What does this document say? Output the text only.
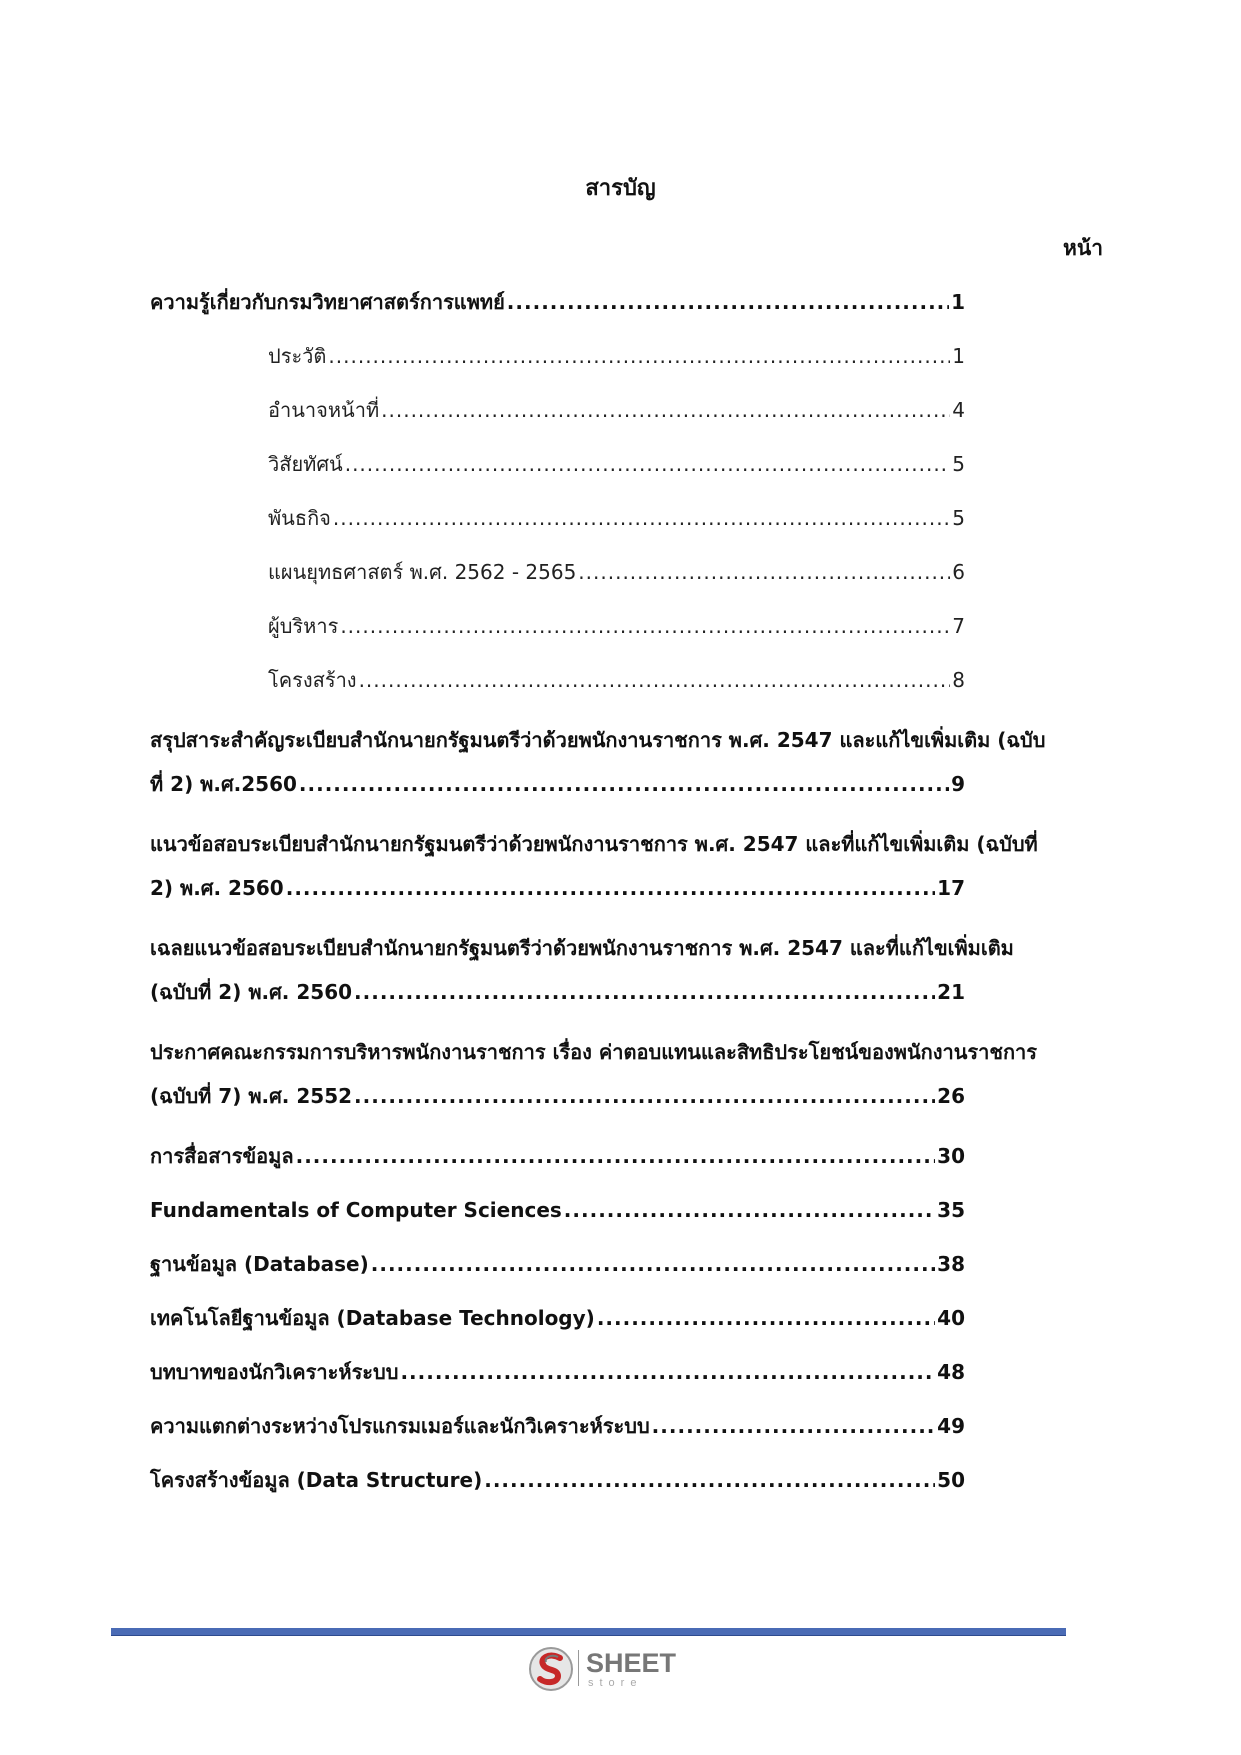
สารบัญ
หน้า
ความรู้เกี่ยวกับกรมวิทยาศาสตร์การแพทย์ .....	1
ประวัติ .....	1
อำนาจหน้าที่ .....	4
วิสัยทัศน์ .....	5
พันธกิจ .....	5
แผนยุทธศาสตร์ พ.ศ. 2562 - 2565 .....	6
ผู้บริหาร .....	7
โครงสร้าง .....	8
สรุปสาระสำคัญระเบียบสำนักนายกรัฐมนตรีว่าด้วยพนักงานราชการ พ.ศ. 2547 และแก้ไขเพิ่มเติม (ฉบับ
ที่ 2) พ.ศ.2560 .....	9
แนวข้อสอบระเบียบสำนักนายกรัฐมนตรีว่าด้วยพนักงานราชการ พ.ศ. 2547 และที่แก้ไขเพิ่มเติม (ฉบับที่
2) พ.ศ. 2560 .....	17
เฉลยแนวข้อสอบระเบียบสำนักนายกรัฐมนตรีว่าด้วยพนักงานราชการ พ.ศ. 2547 และที่แก้ไขเพิ่มเติม
(ฉบับที่ 2) พ.ศ. 2560 .....	21
ประกาศคณะกรรมการบริหารพนักงานราชการ เรื่อง ค่าตอบแทนและสิทธิประโยชน์ของพนักงานราชการ
(ฉบับที่ 7) พ.ศ. 2552 .....	26
การสื่อสารข้อมูล .....	30
Fundamentals of Computer Sciences .....	35
ฐานข้อมูล (Database) .....	38
เทคโนโลยีฐานข้อมูล (Database Technology) .....	40
บทบาทของนักวิเคราะห์ระบบ .....	48
ความแตกต่างระหว่างโปรแกรมเมอร์และนักวิเคราะห์ระบบ .....	49
โครงสร้างข้อมูล (Data Structure) .....	50
SHEET
store
